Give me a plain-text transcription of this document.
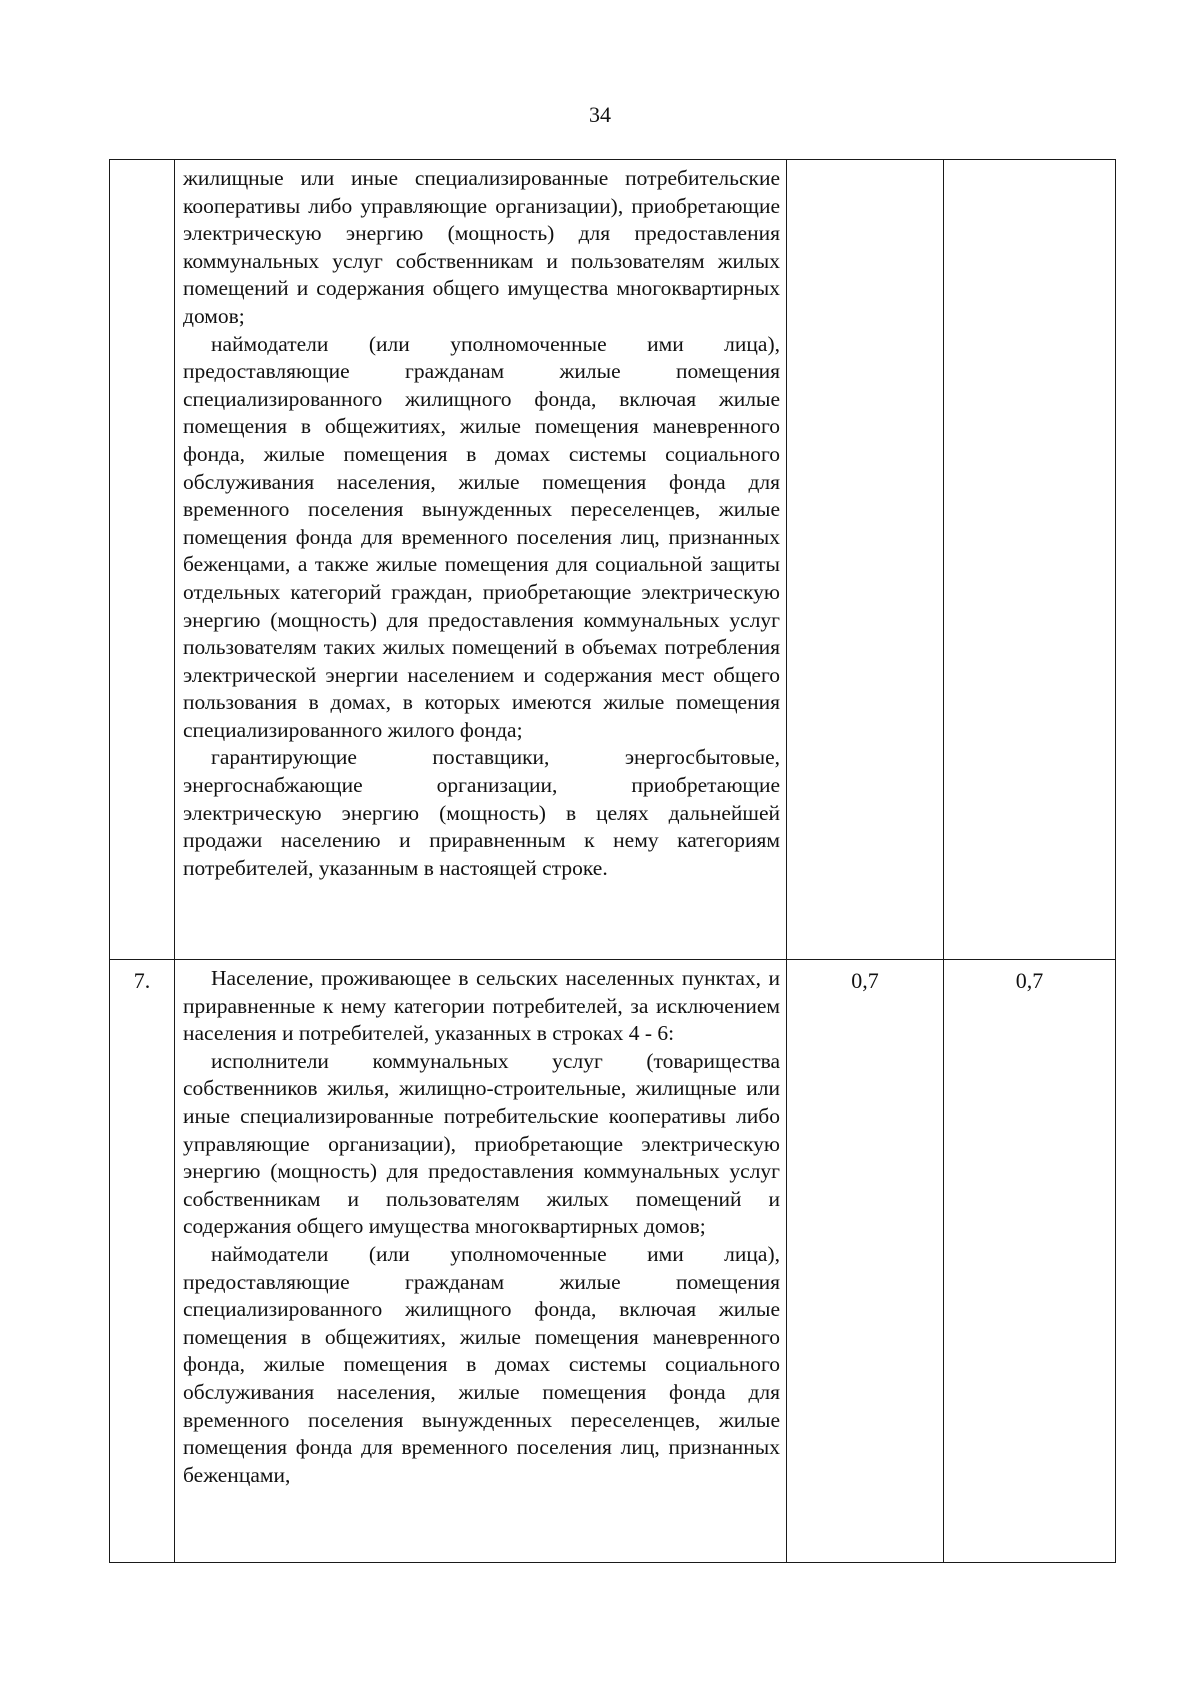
34

	жилищные или иные специализированные потребительские кооперативы либо управляющие организации), приобретающие электрическую энергию (мощность) для предоставления коммунальных услуг собственникам и пользователям жилых помещений и содержания общего имущества многоквартирных домов;

наймодатели (или уполномоченные ими лица), предоставляющие гражданам жилые помещения специализированного жилищного фонда, включая жилые помещения в общежитиях, жилые помещения маневренного фонда, жилые помещения в домах системы социального обслуживания населения, жилые помещения фонда для временного поселения вынужденных переселенцев, жилые помещения фонда для временного поселения лиц, признанных беженцами, а также жилые помещения для социальной защиты отдельных категорий граждан, приобретающие электрическую энергию (мощность) для предоставления коммунальных услуг пользователям таких жилых помещений в объемах потребления электрической энергии населением и содержания мест общего пользования в домах, в которых имеются жилые помещения специализированного жилого фонда;

гарантирующие поставщики, энергосбытовые, энергоснабжающие организации, приобретающие электрическую энергию (мощность) в целях дальнейшей продажи населению и приравненным к нему категориям потребителей, указанным в настоящей строке.		

7.	Население, проживающее в сельских населенных пунктах, и приравненные к нему категории потребителей, за исключением населения и потребителей, указанных в строках 4 - 6:

исполнители коммунальных услуг (товарищества собственников жилья, жилищно-строительные, жилищные или иные специализированные потребительские кооперативы либо управляющие организации), приобретающие электрическую энергию (мощность) для предоставления коммунальных услуг собственникам и пользователям жилых помещений и содержания общего имущества многоквартирных домов;

наймодатели (или уполномоченные ими лица), предоставляющие гражданам жилые помещения специализированного жилищного фонда, включая жилые помещения в общежитиях, жилые помещения маневренного фонда, жилые помещения в домах системы социального обслуживания населения, жилые помещения фонда для временного поселения вынужденных переселенцев, жилые помещения фонда для временного поселения лиц, признанных беженцами,	0,7	0,7
